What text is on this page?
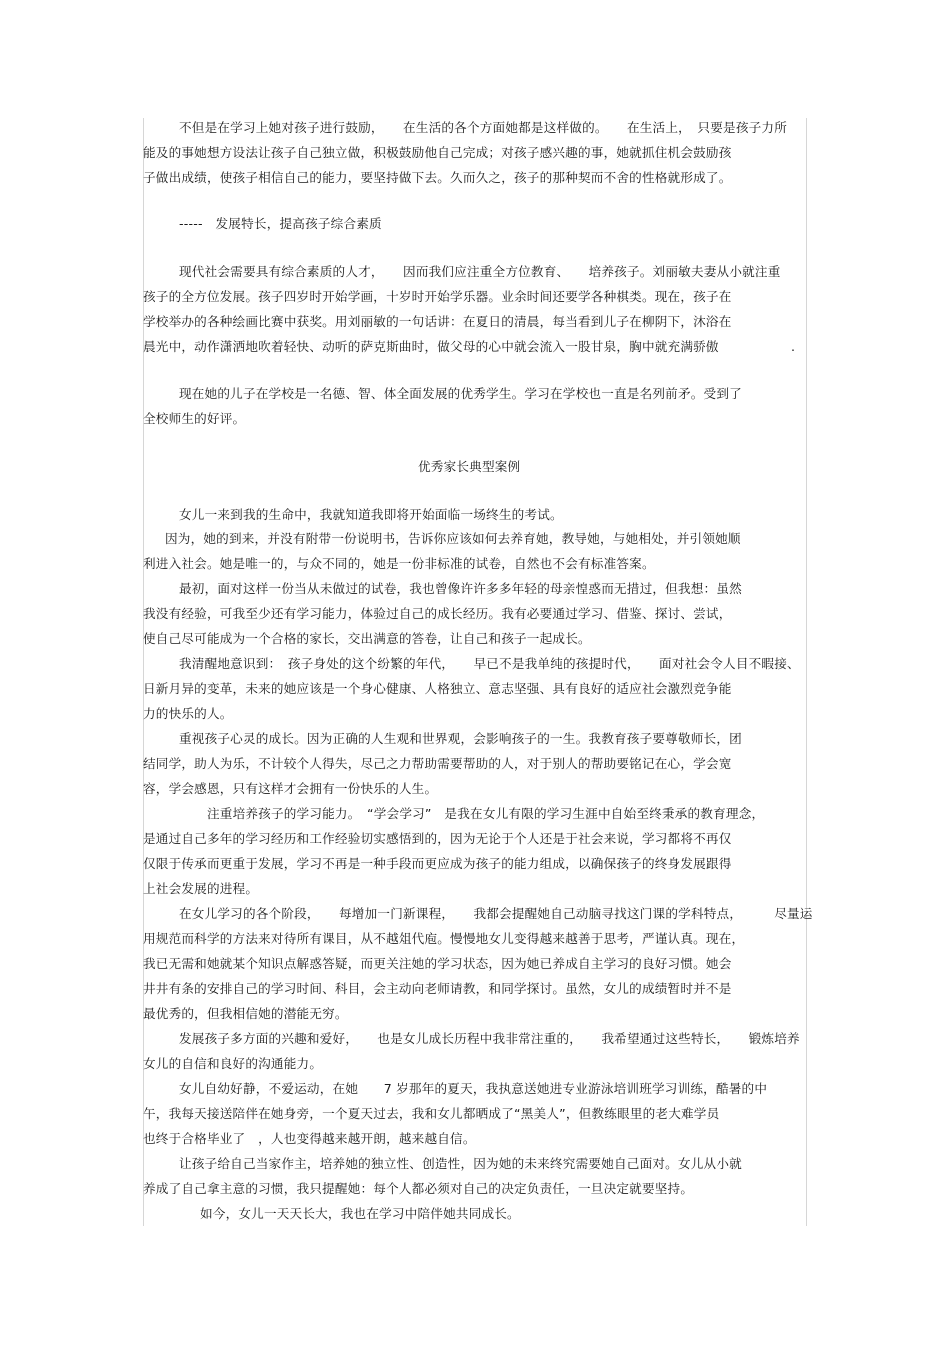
不但是在学习上她对孩子进行鼓励，　　在生活的各个方面她都是这样做的。　　在生活上，　只要是孩子力所
能及的事她想方设法让孩子自己独立做，积极鼓励他自己完成；对孩子感兴趣的事，她就抓住机会鼓励孩
子做出成绩，使孩子相信自己的能力，要坚持做下去。久而久之，孩子的那种契而不舍的性格就形成了。
-----　发展特长，提高孩子综合素质
现代社会需要具有综合素质的人才，　　因而我们应注重全方位教育、　　培养孩子。刘丽敏夫妻从小就注重
孩子的全方位发展。孩子四岁时开始学画，十岁时开始学乐器。业余时间还要学各种棋类。现在，孩子在
学校举办的各种绘画比赛中获奖。用刘丽敏的一句话讲：在夏日的清晨，每当看到儿子在柳阴下，沐浴在
晨光中，动作潇洒地吹着轻快、动听的萨克斯曲时，做父母的心中就会流入一股甘泉，胸中就充满骄傲	.
现在她的儿子在学校是一名德、智、体全面发展的优秀学生。学习在学校也一直是名列前矛。受到了
全校师生的好评。
优秀家长典型案例
女儿一来到我的生命中，我就知道我即将开始面临一场终生的考试。
因为，她的到来，并没有附带一份说明书，告诉你应该如何去养育她，教导她，与她相处，并引领她顺
利进入社会。她是唯一的，与众不同的，她是一份非标准的试卷，自然也不会有标准答案。
最初，面对这样一份当从未做过的试卷，我也曾像许许多多年轻的母亲惶惑而无措过，但我想：虽然
我没有经验，可我至少还有学习能力，体验过自己的成长经历。我有必要通过学习、借鉴、探讨、尝试，
使自己尽可能成为一个合格的家长，交出满意的答卷，让自己和孩子一起成长。
我清醒地意识到：　孩子身处的这个纷繁的年代，　　早已不是我单纯的孩提时代，　　面对社会令人目不暇接、
日新月异的变革，未来的她应该是一个身心健康、人格独立、意志坚强、具有良好的适应社会激烈竞争能
力的快乐的人。
重视孩子心灵的成长。因为正确的人生观和世界观，会影响孩子的一生。我教育孩子要尊敬师长，团
结同学，助人为乐，不计较个人得失，尽己之力帮助需要帮助的人，对于别人的帮助要铭记在心，学会宽
容，学会感恩，只有这样才会拥有一份快乐的人生。
注重培养孩子的学习能力。　“学会学习”　是我在女儿有限的学习生涯中自始至终秉承的教育理念，
是通过自己多年的学习经历和工作经验切实感悟到的，因为无论于个人还是于社会来说，学习都将不再仅
仅限于传承而更重于发展，学习不再是一种手段而更应成为孩子的能力组成，以确保孩子的终身发展跟得
上社会发展的进程。
在女儿学习的各个阶段，　　每增加一门新课程，　　我都会提醒她自己动脑寻找这门课的学科特点，　　　尽量运
用规范而科学的方法来对待所有课目，从不越俎代庖。慢慢地女儿变得越来越善于思考，严谨认真。现在，
我已无需和她就某个知识点解惑答疑，而更关注她的学习状态，因为她已养成自主学习的良好习惯。她会
井井有条的安排自己的学习时间、科目，会主动向老师请教，和同学探讨。虽然，女儿的成绩暂时并不是
最优秀的，但我相信她的潜能无穷。
发展孩子多方面的兴趣和爱好，　　也是女儿成长历程中我非常注重的，　　我希望通过这些特长，　　锻炼培养
女儿的自信和良好的沟通能力。
女儿自幼好静，不爱运动，在她　　7 岁那年的夏天，我执意送她进专业游泳培训班学习训练，酷暑的中
午，我每天接送陪伴在她身旁，一个夏天过去，我和女儿都晒成了“黑美人”，但教练眼里的老大难学员
也终于合格毕业了　，人也变得越来越开朗，越来越自信。
让孩子给自己当家作主，培养她的独立性、创造性，因为她的未来终究需要她自己面对。女儿从小就
养成了自己拿主意的习惯，我只提醒她：每个人都必须对自己的决定负责任，一旦决定就要坚持。
如今，女儿一天天长大，我也在学习中陪伴她共同成长。
